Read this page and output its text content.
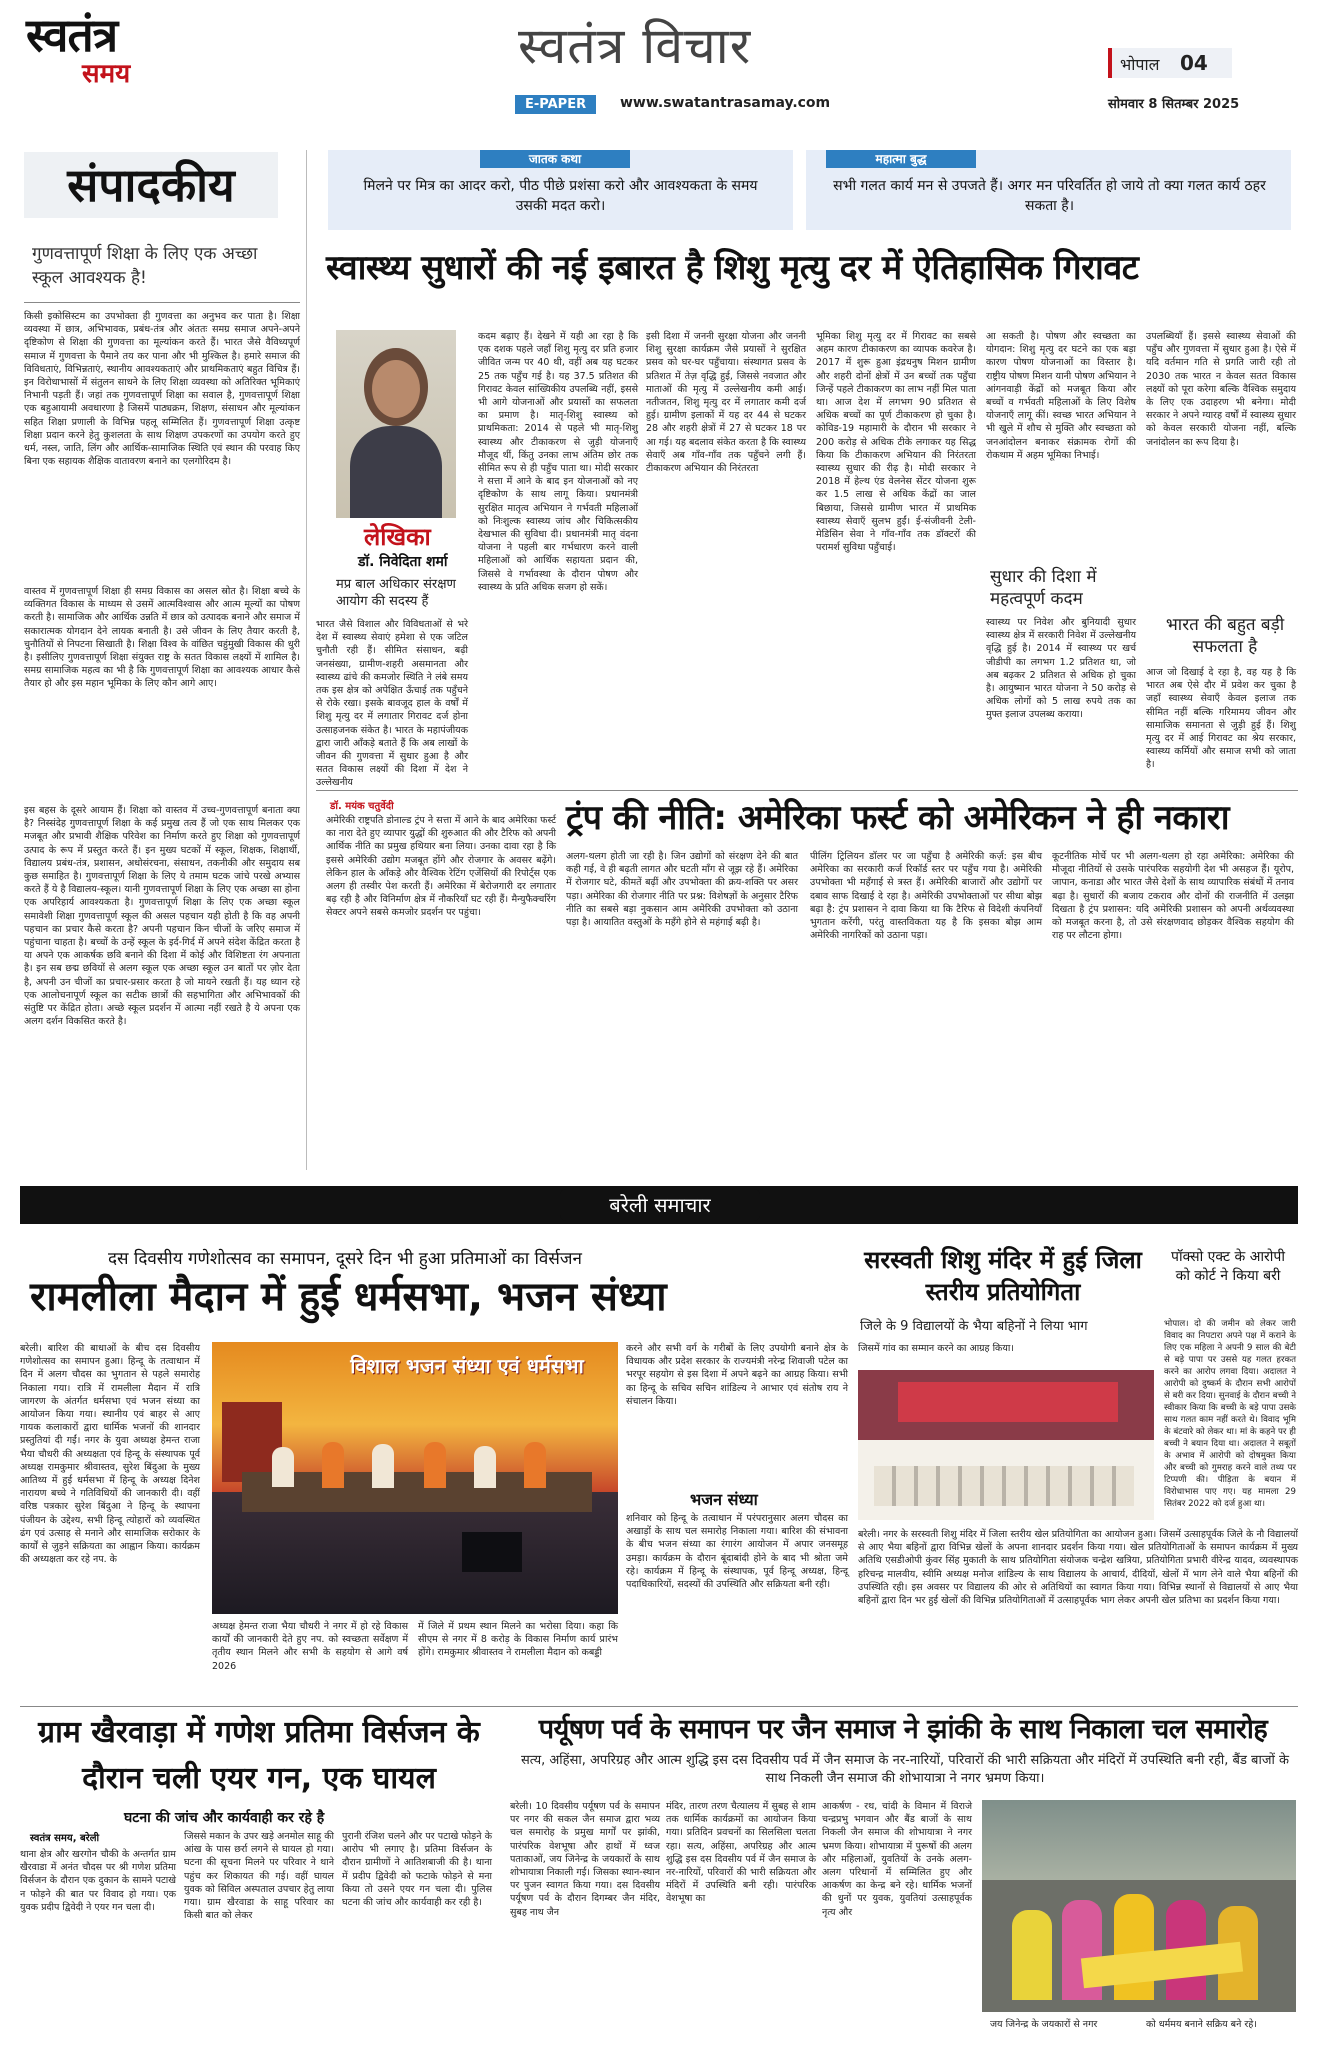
स्वतंत्र
समय	स्वतंत्र विचार
E-PAPER	www.swatantrasamay.com
भोपाल 04
सोमवार 8 सितम्बर 2025
संपादकीय
गुणवत्तापूर्ण शिक्षा के लिए एक अच्छा स्कूल आवश्यक है!
किसी इकोसिस्टम का उपभोक्ता ही गुणवत्ता का अनुभव कर पाता है। शिक्षा व्यवस्था में छात्र, अभिभावक, प्रबंध-तंत्र और अंततः समग्र समाज अपने-अपने दृष्टिकोण से शिक्षा की गुणवत्ता का मूल्यांकन करते हैं। भारत जैसे वैविध्यपूर्ण समाज में गुणवत्ता के पैमाने तय कर पाना और भी मुश्किल है। हमारे समाज की विविधताएं, विभिन्नताएं, स्थानीय आवश्यकताएं और प्राथमिकताएं बहुत विचित्र हैं। इन विरोधाभासों में संतुलन साधने के लिए शिक्षा व्यवस्था को अतिरिक्त भूमिकाएं निभानी पड़ती हैं। जहां तक गुणवत्तापूर्ण शिक्षा का सवाल है, गुणवत्तापूर्ण शिक्षा एक बहुआयामी अवधारणा है जिसमें पाठ्यक्रम, शिक्षण, संसाधन और मूल्यांकन सहित शिक्षा प्रणाली के विभिन्न पहलू सम्मिलित हैं। गुणवत्तापूर्ण शिक्षा उत्कृष्ट शिक्षा प्रदान करने हेतु कुशलता के साथ शिक्षण उपकरणों का उपयोग करते हुए धर्म, नस्ल, जाति, लिंग और आर्थिक-सामाजिक स्थिति एवं स्थान की परवाह किए बिना एक सहायक शैक्षिक वातावरण बनाने का एलगोरिदम है।
वास्तव में गुणवत्तापूर्ण शिक्षा ही समग्र विकास का असल स्रोत है। शिक्षा बच्चे के व्यक्तिगत विकास के माध्यम से उसमें आत्मविश्वास और आत्म मूल्यों का पोषण करती है। सामाजिक और आर्थिक उन्नति में छात्र को उत्पादक बनाने और समाज में सकारात्मक योगदान देने लायक बनाती है। उसे जीवन के लिए तैयार करती है, चुनौतियों से निपटना सिखाती है। शिक्षा विश्व के वांछित चहुंमुखी विकास की धुरी है। इसीलिए गुणवत्तापूर्ण शिक्षा संयुक्त राष्ट्र के सतत विकास लक्ष्यों में शामिल है। समग्र सामाजिक महत्व का भी है कि गुणवत्तापूर्ण शिक्षा का आवश्यक आधार कैसे तैयार हो और इस महान भूमिका के लिए कौन आगे आए।
इस बहस के दूसरे आयाम हैं। शिक्षा को वास्तव में उच्च-गुणवत्तापूर्ण बनाता क्या है? निस्संदेह गुणवत्तापूर्ण शिक्षा के कई प्रमुख तत्व हैं जो एक साथ मिलकर एक मजबूत और प्रभावी शैक्षिक परिवेश का निर्माण करते हुए शिक्षा को गुणवत्तापूर्ण उत्पाद के रूप में प्रस्तुत करते हैं। इन मुख्य घटकों में स्कूल, शिक्षक, शिक्षार्थी, विद्यालय प्रबंध-तंत्र, प्रशासन, अधोसंरचना, संसाधन, तकनीकी और समुदाय सब कुछ समाहित है। गुणवत्तापूर्ण शिक्षा के लिए ये तमाम घटक जांचे परखे अभ्यास करते हैं ये है विद्यालय-स्कूल। यानी गुणवत्तापूर्ण शिक्षा के लिए एक अच्छा सा होना एक अपरिहार्य आवश्यकता है। गुणवत्तापूर्ण शिक्षा के लिए एक अच्छा स्कूल समावेशी शिक्षा गुणवत्तापूर्ण स्कूल की असल पहचान यही होती है कि वह अपनी पहचान का प्रचार कैसे करता है? अपनी पहचान किन चीजों के जरिए समाज में पहुंचाना चाहता है। बच्चों के उन्हें स्कूल के इर्द-गिर्द में अपने संदेश केंद्रित करता है या अपने एक आकर्षक छवि बनाने की दिशा में कोई और विशिष्टता रंग अपनाता है। इन सब छद्म छवियों से अलग स्कूल एक अच्छा स्कूल उन बातों पर ज़ोर देता है, अपनी उन चीजों का प्रचार-प्रसार करता है जो मायने रखती हैं। यह ध्यान रहे एक आलोचनापूर्ण स्कूल का सटीक छात्रों की सहभागिता और अभिभावकों की संतुष्टि पर केंद्रित होता। अच्छे स्कूल प्रदर्शन में आत्मा नहीं रखते है ये अपना एक अलग दर्शन विकसित करते है।
जातक कथा
मिलने पर मित्र का आदर करो, पीठ पीछे प्रशंसा करो और आवश्यकता के समय उसकी मदत करो।
महात्मा बुद्ध
सभी गलत कार्य मन से उपजते हैं। अगर मन परिवर्तित हो जाये तो क्या गलत कार्य ठहर सकता है।
स्वास्थ्य सुधारों की नई इबारत है शिशु मृत्यु दर में ऐतिहासिक गिरावट
लेखिका
डॉ. निवेदिता शर्मा
मप्र बाल अधिकार संरक्षण आयोग की सदस्य हैं
भारत जैसे विशाल और विविधताओं से भरे देश में स्वास्थ्य सेवाएं हमेशा से एक जटिल चुनौती रही हैं। सीमित संसाधन, बढ़ी जनसंख्या, ग्रामीण-शहरी असमानता और स्वास्थ्य ढांचे की कमजोर स्थिति ने लंबे समय तक इस क्षेत्र को अपेक्षित ऊँचाई तक पहुँचने से रोके रखा। इसके बावजूद हाल के वर्षों में शिशु मृत्यु दर में लगातार गिरावट दर्ज होना उत्साहजनक संकेत है। भारत के महापंजीयक द्वारा जारी आँकड़े बताते हैं कि अब लाखों के जीवन की गुणवत्ता में सुधार हुआ है और सतत विकास लक्ष्यों की दिशा में देश ने उल्लेखनीय
कदम बढ़ाए हैं। देखने में यही आ रहा है कि एक दशक पहले जहाँ शिशु मृत्यु दर प्रति हजार जीवित जन्म पर 40 थी, वहीं अब यह घटकर 25 तक पहुँच गई है। यह 37.5 प्रतिशत की गिरावट केवल सांख्यिकीय उपलब्धि नहीं, इससे भी आगे योजनाओं और प्रयासों का सफलता का प्रमाण है। मातृ-शिशु स्वास्थ्य को प्राथमिकता: 2014 से पहले भी मातृ-शिशु स्वास्थ्य और टीकाकरण से जुड़ी योजनाएँ मौजूद थीं, किंतु उनका लाभ अंतिम छोर तक सीमित रूप से ही पहुँच पाता था। मोदी सरकार ने सत्ता में आने के बाद इन योजनाओं को नए दृष्टिकोण के साथ लागू किया। प्रधानमंत्री सुरक्षित मातृत्व अभियान ने गर्भवती महिलाओं को निःशुल्क स्वास्थ्य जांच और चिकित्सकीय देखभाल की सुविधा दी। प्रधानमंत्री मातृ वंदना योजना ने पहली बार गर्भधारण करने वाली महिलाओं को आर्थिक सहायता प्रदान की, जिससे वे गर्भावस्था के दौरान पोषण और स्वास्थ्य के प्रति अधिक सजग हो सकें।
इसी दिशा में जननी सुरक्षा योजना और जननी शिशु सुरक्षा कार्यक्रम जैसे प्रयासों ने सुरक्षित प्रसव को घर-घर पहुँचाया। संस्थागत प्रसव के प्रतिशत में तेज़ वृद्धि हुई, जिससे नवजात और माताओं की मृत्यु में उल्लेखनीय कमी आई। नतीजतन, शिशु मृत्यु दर में लगातार कमी दर्ज हुई। ग्रामीण इलाकों में यह दर 44 से घटकर 28 और शहरी क्षेत्रों में 27 से घटकर 18 पर आ गई। यह बदलाव संकेत करता है कि स्वास्थ्य सेवाएँ अब गाँव-गाँव तक पहुँचने लगी हैं। टीकाकरण अभियान की निरंतरता
भूमिका शिशु मृत्यु दर में गिरावट का सबसे अहम कारण टीकाकरण का व्यापक कवरेज है। 2017 में शुरू हुआ इंद्रधनुष मिशन ग्रामीण और शहरी दोनों क्षेत्रों में उन बच्चों तक पहुँचा जिन्हें पहले टीकाकरण का लाभ नहीं मिल पाता था। आज देश में लगभग 90 प्रतिशत से अधिक बच्चों का पूर्ण टीकाकरण हो चुका है। कोविड-19 महामारी के दौरान भी सरकार ने 200 करोड़ से अधिक टीके लगाकर यह सिद्ध किया कि टीकाकरण अभियान की निरंतरता स्वास्थ्य सुधार की रीढ़ है। मोदी सरकार ने 2018 में हेल्थ एंड वेलनेस सेंटर योजना शुरू कर 1.5 लाख से अधिक केंद्रों का जाल बिछाया, जिससे ग्रामीण भारत में प्राथमिक स्वास्थ्य सेवाएँ सुलभ हुईं। ई-संजीवनी टेली-मेडिसिन सेवा ने गाँव-गाँव तक डॉक्टरों की परामर्श सुविधा पहुँचाई।
आ सकती है। पोषण और स्वच्छता का योगदान: शिशु मृत्यु दर घटने का एक बड़ा कारण पोषण योजनाओं का विस्तार है। राष्ट्रीय पोषण मिशन यानी पोषण अभियान ने आंगनवाड़ी केंद्रों को मजबूत किया और बच्चों व गर्भवती महिलाओं के लिए विशेष योजनाएँ लागू कीं। स्वच्छ भारत अभियान ने भी खुले में शौच से मुक्ति और स्वच्छता को जनआंदोलन बनाकर संक्रामक रोगों की रोकथाम में अहम भूमिका निभाई।
सुधार की दिशा में महत्वपूर्ण कदम
स्वास्थ्य पर निवेश और बुनियादी सुधार स्वास्थ्य क्षेत्र में सरकारी निवेश में उल्लेखनीय वृद्धि हुई है। 2014 में स्वास्थ्य पर खर्च जीडीपी का लगभग 1.2 प्रतिशत था, जो अब बढ़कर 2 प्रतिशत से अधिक हो चुका है। आयुष्मान भारत योजना ने 50 करोड़ से अधिक लोगों को 5 लाख रुपये तक का मुफ्त इलाज उपलब्ध कराया।
उपलब्धियाँ हैं। इससे स्वास्थ्य सेवाओं की पहुँच और गुणवत्ता में सुधार हुआ है। ऐसे में यदि वर्तमान गति से प्रगति जारी रही तो 2030 तक भारत न केवल सतत विकास लक्ष्यों को पूरा करेगा बल्कि वैश्विक समुदाय के लिए एक उदाहरण भी बनेगा। मोदी सरकार ने अपने ग्यारह वर्षों में स्वास्थ्य सुधार को केवल सरकारी योजना नहीं, बल्कि जनांदोलन का रूप दिया है।
भारत की बहुत बड़ी सफलता है
आज जो दिखाई दे रहा है, वह यह है कि भारत अब ऐसे दौर में प्रवेश कर चुका है जहाँ स्वास्थ्य सेवाएँ केवल इलाज तक सीमित नहीं बल्कि गरिमामय जीवन और सामाजिक समानता से जुड़ी हुई हैं। शिशु मृत्यु दर में आई गिरावट का श्रेय सरकार, स्वास्थ्य कर्मियों और समाज सभी को जाता है।
डॉ. मयंक चतुर्वेदी	ट्रंप की नीति: अमेरिका फर्स्ट को अमेरिकन ने ही नकारा
अमेरिकी राष्ट्रपति डोनाल्ड ट्रंप ने सत्ता में आने के बाद अमेरिका फर्स्ट का नारा देते हुए व्यापार युद्धों की शुरुआत की और टैरिफ को अपनी आर्थिक नीति का प्रमुख हथियार बना लिया। उनका दावा रहा है कि इससे अमेरिकी उद्योग मजबूत होंगे और रोजगार के अवसर बढ़ेंगे। लेकिन हाल के आँकड़े और वैश्विक रेटिंग एजेंसियों की रिपोर्ट्स एक अलग ही तस्वीर पेश करती हैं। अमेरिका में बेरोजगारी दर लगातार बढ़ रही है और विनिर्माण क्षेत्र में नौकरियाँ घट रही हैं। मैन्युफैक्चरिंग सेक्टर अपने सबसे कमजोर प्रदर्शन पर पहुंचा।
अलग-थलग होती जा रही है। जिन उद्योगों को संरक्षण देने की बात कही गई, वे ही बढ़ती लागत और घटती माँग से जूझ रहे हैं। अमेरिका में रोजगार घटे, कीमतें बढ़ीं और उपभोक्ता की क्रय-शक्ति पर असर पड़ा। अमेरिका की रोजगार नीति पर प्रश्न: विशेषज्ञों के अनुसार टैरिफ नीति का सबसे बड़ा नुकसान आम अमेरिकी उपभोक्ता को उठाना पड़ा है। आयातित वस्तुओं के महँगे होने से महंगाई बढ़ी है।
पीलिंग ट्रिलियन डॉलर पर जा पहुँचा है अमेरिकी कर्ज़: इस बीच अमेरिका का सरकारी कर्ज रिकॉर्ड स्तर पर पहुँच गया है। अमेरिकी उपभोक्ता भी महँगाई से त्रस्त हैं। अमेरिकी बाजारों और उद्योगों पर दबाव साफ दिखाई दे रहा है। अमेरिकी उपभोक्ताओं पर सीधा बोझ बढ़ा है: ट्रंप प्रशासन ने दावा किया था कि टैरिफ से विदेशी कंपनियाँ भुगतान करेंगी, परंतु वास्तविकता यह है कि इसका बोझ आम अमेरिकी नागरिकों को उठाना पड़ा।
कूटनीतिक मोर्चे पर भी अलग-थलग हो रहा अमेरिका: अमेरिका की मौजूदा नीतियों से उसके पारंपरिक सहयोगी देश भी असहज हैं। यूरोप, जापान, कनाडा और भारत जैसे देशों के साथ व्यापारिक संबंधों में तनाव बढ़ा है। सुधारों की बजाय टकराव और दोनों की राजनीति में उलझा दिखता है ट्रंप प्रशासन: यदि अमेरिकी प्रशासन को अपनी अर्थव्यवस्था को मजबूत करना है, तो उसे संरक्षणवाद छोड़कर वैश्विक सहयोग की राह पर लौटना होगा।
बरेली समाचार
दस दिवसीय गणेशोत्सव का समापन, दूसरे दिन भी हुआ प्रतिमाओं का विर्सजन
रामलीला मैदान में हुई धर्मसभा, भजन संध्या
बरेली। बारिश की बाधाओं के बीच दस दिवसीय गणेशोत्सव का समापन हुआ। हिन्दू के तत्वाधान में दिन में अलग चौदस का भुगतान से पहले समारोह निकाला गया। रात्रि में रामलीला मैदान में रात्रि जागरण के अंतर्गत धर्मसभा एवं भजन संध्या का आयोजन किया गया। स्थानीय एवं बाहर से आए गायक कलाकारों द्वारा धार्मिक भजनों की शानदार प्रस्तुतियां दी गईं। नगर के युवा अध्यक्ष हेमन्त राजा भैया चौधरी की अध्यक्षता एवं हिन्दू के संस्थापक पूर्व अध्यक्ष रामकुमार श्रीवास्तव, सुरेश बिंदुआ के मुख्य आतिथ्य में हुई धर्मसभा में हिन्दू के अध्यक्ष दिनेश नारायण बच्चे ने गतिविधियों की जानकारी दी। वहीं वरिष्ठ पत्रकार सुरेश बिंदुआ ने हिन्दू के स्थापना पंजीयन के उद्देश्य, सभी हिन्दू त्योहारों को व्यवस्थित ढंग एवं उत्साह से मनाने और सामाजिक सरोकार के कार्यों से जुड़ने सक्रियता का आह्वान किया। कार्यक्रम की अध्यक्षता कर रहे नप. के
विशाल भजन संध्या एवं धर्मसभा
अध्यक्ष हेमन्त राजा भैया चौधरी ने नगर में हो रहे विकास कार्यों की जानकारी देते हुए नप. को स्वच्छता सर्वेक्षण में तृतीय स्थान मिलने और सभी के सहयोग से आगे वर्ष 2026
में जिले में प्रथम स्थान मिलने का भरोसा दिया। कहा कि सीएम से नगर में 8 करोड़ के विकास निर्माण कार्य प्रारंभ होंगे। रामकुमार श्रीवास्तव ने रामलीला मैदान को कबड्डी
करने और सभी वर्ग के गरीबों के लिए उपयोगी बनाने क्षेत्र के विधायक और प्रदेश सरकार के राज्यमंत्री नरेन्द्र शिवाजी पटेल का भरपूर सहयोग से इस दिशा में अपने बढ़ने का आग्रह किया। सभी का हिन्दू के सचिव सचिन शांडिल्य ने आभार एवं संतोष राय ने संचालन किया।
भजन संध्या
शनिवार को हिन्दू के तत्वाधान में परंपरानुसार अलग चौदस का अखाड़ों के साथ चल समारोह निकाला गया। बारिश की संभावना के बीच भजन संध्या का रंगारंग आयोजन में अपार जनसमूह उमड़ा। कार्यक्रम के दौरान बूंदाबांदी होने के बाद भी श्रोता जमे रहे। कार्यक्रम में हिन्दू के संस्थापक, पूर्व हिन्दू अध्यक्ष, हिन्दू पदाधिकारियों, सदस्यों की उपस्थिति और सक्रियता बनी रही।
सरस्वती शिशु मंदिर में हुई जिला स्तरीय प्रतियोगिता
जिले के 9 विद्यालयों के भैया बहिनों ने लिया भाग
जिसमें गांव का सम्मान करने का आग्रह किया।
बरेली। नगर के सरस्वती शिशु मंदिर में जिला स्तरीय खेल प्रतियोगिता का आयोजन हुआ। जिसमें उत्साहपूर्वक जिले के नौ विद्यालयों से आए भैया बहिनों द्वारा विभिन्न खेलों के अपना शानदार प्रदर्शन किया गया। खेल प्रतियोगिताओं के समापन कार्यक्रम में मुख्य अतिथि एसडीओपी कुंवर सिंह मुकाती के साथ प्रतियोगिता संयोजक चन्द्रेश खत्रिया, प्रतियोगिता प्रभारी वीरेन्द्र यादव, व्यवस्थापक हरिचन्द्र मालवीय, स्वीमि अध्यक्ष मनोज शांडिल्य के साथ विद्यालय के आचार्य, दीदियों, खेलों में भाग लेने वाले भैया बहिनों की उपस्थिति रही। इस अवसर पर विद्यालय की ओर से अतिथियों का स्वागत किया गया। विभिन्न स्थानों से विद्यालयों से आए भैया बहिनों द्वारा दिन भर हुई खेलों की विभिन्न प्रतियोगिताओं में उत्साहपूर्वक भाग लेकर अपनी खेल प्रतिभा का प्रदर्शन किया गया।
पॉक्सो एक्ट के आरोपी को कोर्ट ने किया बरी
भोपाल। दो की जमीन को लेकर जारी विवाद का निपटारा अपने पक्ष में कराने के लिए एक महिला ने अपनी 9 साल की बेटी से बड़े पापा पर उससे यह गलत हरकत करने का आरोप लगवा दिया। अदालत ने आरोपी को दुष्कर्म के दौरान सभी आरोपों से बरी कर दिया। सुनवाई के दौरान बच्ची ने स्वीकार किया कि बच्ची के बड़े पापा उसके साथ गलत काम नहीं करते थे। विवाद भूमि के बंटवारे को लेकर था। मां के कहने पर ही बच्ची ने बयान दिया था। अदालत ने सबूतों के अभाव में आरोपी को दोषमुक्त किया और बच्ची को गुमराह करने वाले तथ्य पर टिप्पणी की। पीड़िता के बयान में विरोधाभास पाए गए। यह मामला 29 सितंबर 2022 को दर्ज हुआ था।
ग्राम खैरवाड़ा में गणेश प्रतिमा विर्सजन के दौरान चली एयर गन, एक घायल
घटना की जांच और कार्यवाही कर रहे है
स्वतंत्र समय, बरेली
थाना क्षेत्र और खरगोन चौकी के अन्तर्गत ग्राम खैरवाडा में अनंत चौदस पर श्री गणेश प्रतिमा विर्सजन के दौरान एक दुकान के सामने पटाखे न फोड़ने की बात पर विवाद हो गया। एक युवक प्रदीप द्विवेदी ने एयर गन चला दी।
जिससे मकान के उपर खड़े अनमोल साहू की आंख के पास छर्रा लगने से घायल हो गया। घटना की सूचना मिलने पर परिवार ने थाने पहुंच कर शिकायत की गई। वहीं घायल युवक को सिविल अस्पताल उपचार हेतु लाया गया। ग्राम खैरवाडा के साहू परिवार का किसी बात को लेकर
पुरानी रंजिश चलने और पर पटाखे फोड़ने के आरोप भी लगाए है। प्रतिमा विर्सजन के दौरान ग्रामीणों ने आतिशबाजी की है। थाना में प्रदीप द्विवेदी को फटाके फोड़ने से मना किया तो उसने एयर गन चला दी। पुलिस घटना की जांच और कार्यवाही कर रही है।
पर्यूषण पर्व के समापन पर जैन समाज ने झांकी के साथ निकाला चल समारोह
सत्य, अहिंसा, अपरिग्रह और आत्म शुद्धि इस दस दिवसीय पर्व में जैन समाज के नर-नारियों, परिवारों की भारी सक्रियता और मंदिरों में उपस्थिति बनी रही, बैंड बाजों के साथ निकली जैन समाज की शोभायात्रा ने नगर भ्रमण किया।
बरेली। 10 दिवसीय पर्यूषण पर्व के समापन पर नगर की सकल जैन समाज द्वारा भव्य चल समारोह के प्रमुख मार्गों पर झांकी, पारंपरिक वेशभूषा और हाथों में ध्वज पताकाओं, जय जिनेन्द्र के जयकारों के साथ शोभायात्रा निकाली गई। जिसका स्थान-स्थान पर पुजन स्वागत किया गया। दस दिवसीय पर्यूषण पर्व के दौरान दिगम्बर जैन मंदिर, सुबह नाथ जैन
मंदिर, तारण तरण चैत्यालय में सुबह से शाम तक धार्मिक कार्यक्रमों का आयोजन किया गया। प्रतिदिन प्रवचनों का सिलसिला चलता रहा। सत्य, अहिंसा, अपरिग्रह और आत्म शुद्धि इस दस दिवसीय पर्व में जैन समाज के नर-नारियों, परिवारों की भारी सक्रियता और मंदिरों में उपस्थिति बनी रही। पारंपरिक वेशभूषा का
आकर्षण - रथ, चांदी के विमान में विराजे चन्द्रप्रभु भगवान और बैंड बाजों के साथ निकली जैन समाज की शोभायात्रा ने नगर भ्रमण किया। शोभायात्रा में पुरूषों की अलग और महिलाओं, युवतियों के उनके अलग-अलग परिधानों में सम्मिलित हुए और आकर्षण का केन्द्र बने रहे। धार्मिक भजनों की धुनों पर युवक, युवतियां उत्साहपूर्वक नृत्य और
जय जिनेन्द्र के जयकारों से नगर	को धर्ममय बनाने सक्रिय बने रहे।
